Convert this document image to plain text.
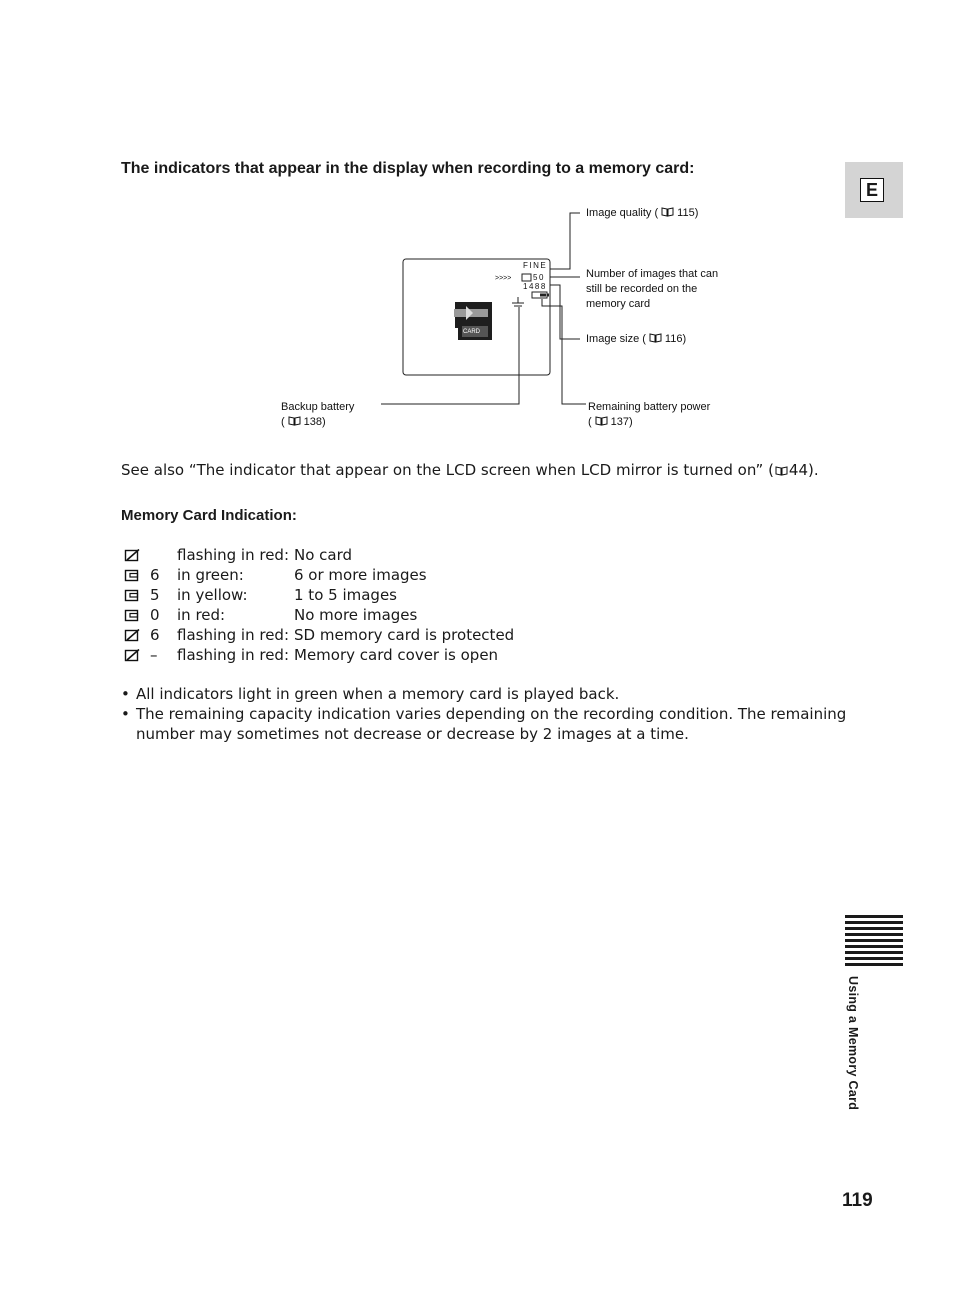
The indicators that appear in the display when recording to a memory card:
E
FINE
>>>>	50
1488
CARD
Image quality ( 115)
Number of images that can
still be recorded on the
memory card
Image size ( 116)
Backup battery
( 138)
Remaining battery power
( 137)
See also “The indicator that appear on the LCD screen when LCD mirror is turned on” ( 44).
Memory Card Indication:
flashing in red: No card
6 in green:	6 or more images
5 in yellow:	1 to 5 images
0 in red:	No more images
6 flashing in red: SD memory card is protected
– flashing in red: Memory card cover is open
• All indicators light in green when a memory card is played back.
• The remaining capacity indication varies depending on the recording condition. The remaining
number may sometimes not decrease or decrease by 2 images at a time.
Using a Memory Card
119
